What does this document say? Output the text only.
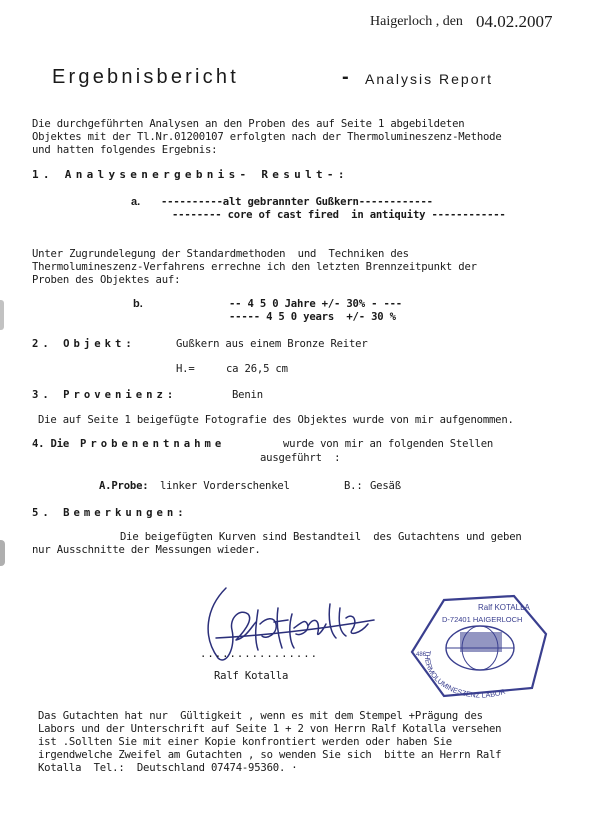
Haigerloch , den 04.02.2007
Ergebnisbericht	- Analysis Report
Die durchgeführten Analysen an den Proben des auf Seite 1 abgebildeten
Objektes mit der Tl.Nr.01200107 erfolgten nach der Thermolumineszenz-Methode
und hatten folgendes Ergebnis:
1. Analysenergebnis- Result-:
a. ----------alt gebrannter Gußkern------------
-------- core of cast fired  in antiquity ------------
Unter Zugrundelegung der Standardmethoden  und  Techniken des
Thermolumineszenz-Verfahrens errechne ich den letzten Brennzeitpunkt der
Proben des Objektes auf:
b.	-- 4 5 0 Jahre +/- 30% - ---
----- 4 5 0 years  +/- 30 %
2. Objekt:	Gußkern aus einem Bronze Reiter
H.=	ca 26,5 cm
3. Provenienz:	Benin
Die auf Seite 1 beigefügte Fotografie des Objektes wurde von mir aufgenommen.
4. Die Probenentnahme	wurde von mir an folgenden Stellen
ausgeführt  :
A.Probe: linker Vorderschenkel	B.: Gesäß
5. Bemerkungen:
Die beigefügten Kurven sind Bestandteil  des Gutachtens und geben
nur Ausschnitte der Messungen wieder.
................
Ralf Kotalla
Ralf KOTALLA
D-72401 HAIGERLOCH
486
THERMOLUMINESZENZ LABOR
Das Gutachten hat nur  Gültigkeit , wenn es mit dem Stempel +Prägung des
Labors und der Unterschrift auf Seite 1 + 2 von Herrn Ralf Kotalla versehen
ist .Sollten Sie mit einer Kopie konfrontiert werden oder haben Sie
irgendwelche Zweifel am Gutachten , so wenden Sie sich  bitte an Herrn Ralf
Kotalla  Tel.:  Deutschland 07474-95360. ·
